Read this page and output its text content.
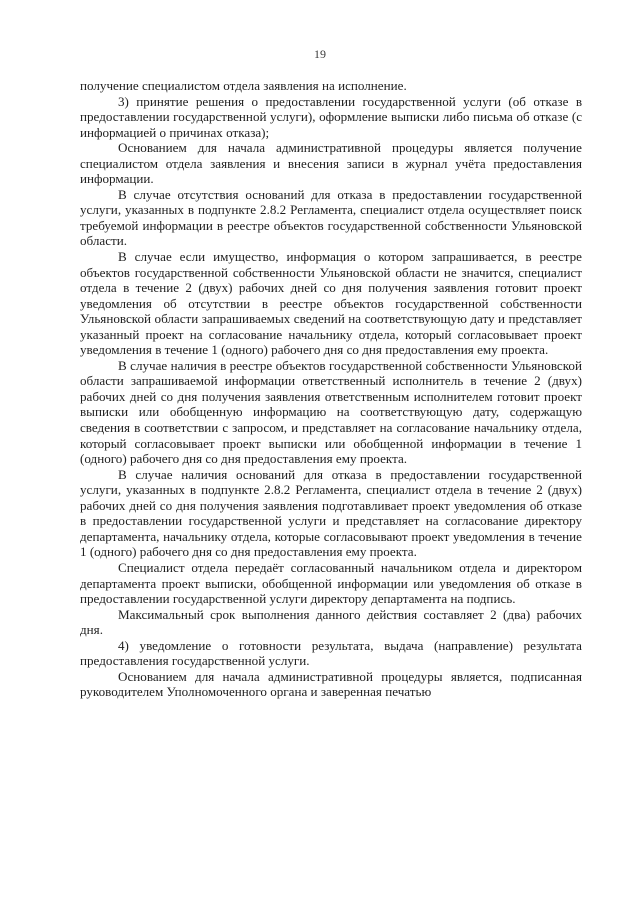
19

получение специалистом отдела заявления на исполнение.

3) принятие решения о предоставлении государственной услуги (об отказе в предоставлении государственной услуги), оформление выписки либо письма об отказе (с информацией о причинах отказа);

Основанием для начала административной процедуры является получение специалистом отдела заявления и внесения записи в журнал учёта предоставления информации.

В случае отсутствия оснований для отказа в предоставлении государственной услуги, указанных в подпункте 2.8.2 Регламента, специалист отдела осуществляет поиск требуемой информации в реестре объектов государственной собственности Ульяновской области.

В случае если имущество, информация о котором запрашивается, в реестре объектов государственной собственности Ульяновской области не значится, специалист отдела в течение 2 (двух) рабочих дней со дня получения заявления готовит проект уведомления об отсутствии в реестре объектов государственной собственности Ульяновской области запрашиваемых сведений на соответствующую дату и представляет указанный проект на согласование начальнику отдела, который согласовывает проект уведомления в течение 1 (одного) рабочего дня со дня предоставления ему проекта.

В случае наличия в реестре объектов государственной собственности Ульяновской области запрашиваемой информации ответственный исполнитель в течение 2 (двух) рабочих дней со дня получения заявления ответственным исполнителем готовит проект выписки или обобщенную информацию на соответствующую дату, содержащую сведения в соответствии с запросом, и представляет на согласование начальнику отдела, который согласовывает проект выписки или обобщенной информации в течение 1 (одного) рабочего дня со дня предоставления ему проекта.

В случае наличия оснований для отказа в предоставлении государственной услуги, указанных в подпункте 2.8.2 Регламента, специалист отдела в течение 2 (двух) рабочих дней со дня получения заявления подготавливает проект уведомления об отказе в предоставлении государственной услуги и представляет на согласование директору департамента, начальнику отдела, которые согласовывают проект уведомления в течение 1 (одного) рабочего дня со дня предоставления ему проекта.

Специалист отдела передаёт согласованный начальником отдела и директором департамента проект выписки, обобщенной информации или уведомления об отказе в предоставлении государственной услуги директору департамента на подпись.

Максимальный срок выполнения данного действия составляет 2 (два) рабочих дня.

4) уведомление о готовности результата, выдача (направление) результата предоставления государственной услуги.

Основанием для начала административной процедуры является, подписанная руководителем Уполномоченного органа и заверенная печатью
